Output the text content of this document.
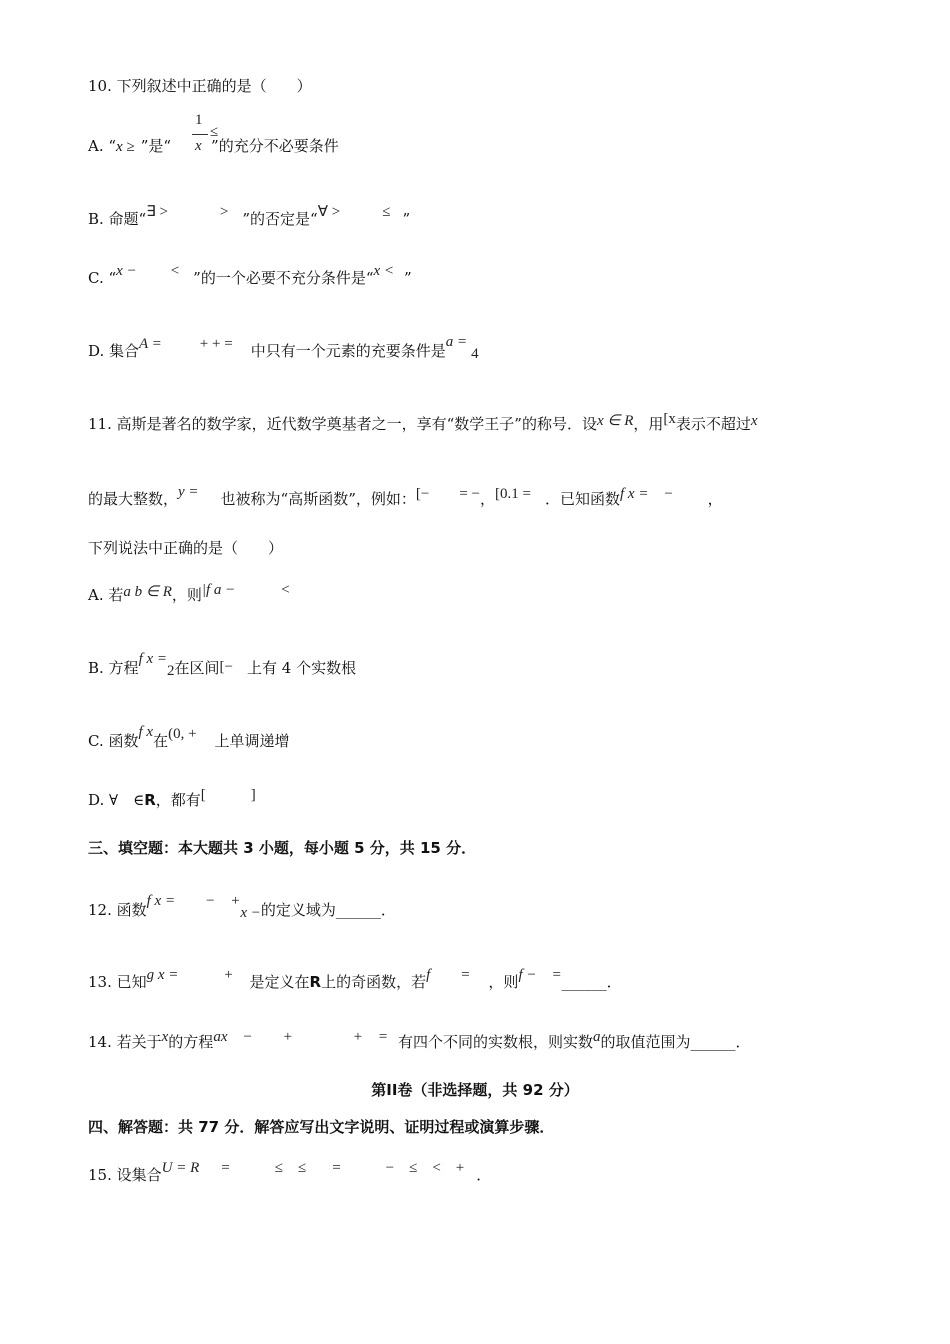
10. 下列叙述中正确的是（　　）
A. “x ≥ ”是“	”的充分不必要条件
1
x
≤
B. 命题“∃ >	> ”的否定是“∀ >	≤ ”
C. “x − < ”的一个必要不充分条件是“x < ”
D. 集合A =	+ + = 中只有一个元素的充要条件是a =4
11. 高斯是著名的数学家，近代数学奠基者之一，享有“数学王子”的称号．设x ∈ R，用[x表示不超过x
的最大整数，y = 也被称为“高斯函数”，例如：[−　　= −，[0.1 = ．已知函数f x =　− ，
下列说法中正确的是（　　）
A. 若a b ∈ R，则|f a −　　　<
B. 方程f x =2在区间[− 上有 4 个实数根
C. 函数f x在(0, + 上单调递增
D. ∀　∈R，都有[　　　]
三、填空题：本大题共 3 小题，每小题 5 分，共 15 分．
12. 函数f x =　　−　+x −的定义域为______．
13. 已知g x =　　　+ 是定义在R上的奇函数，若f　　= ，则f −　=______．
14. 若关于x的方程ax　−　　+　　　　+　= 有四个不同的实数根，则实数a的取值范围为______．
第II卷（非选择题，共 92 分）
四、解答题：共 77 分．解答应写出文字说明、证明过程或演算步骤．
15. 设集合U = R =　　　≤　≤ =　　　−　≤　<　+ ．
